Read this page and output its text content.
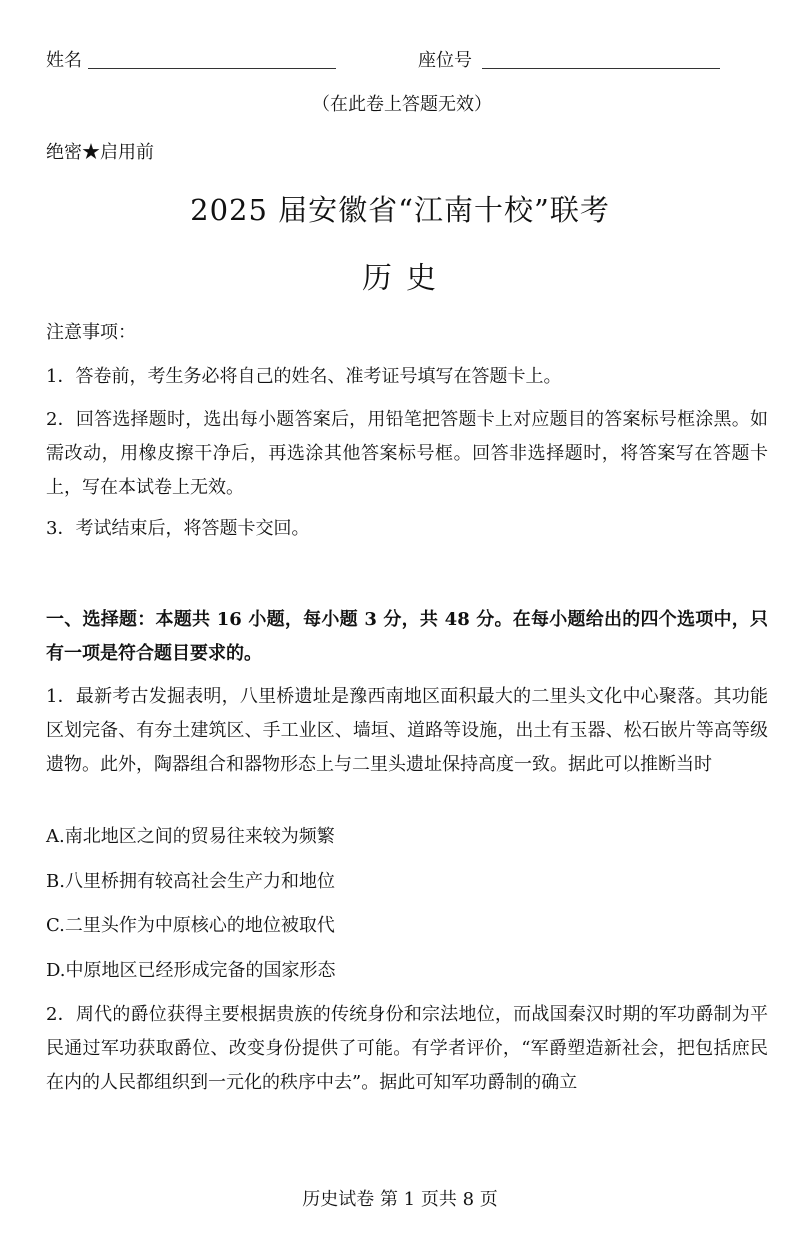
姓名	座位号
（在此卷上答题无效）
绝密★启用前
2025 届安徽省“江南十校”联考
历史
注意事项：
1．答卷前，考生务必将自己的姓名、准考证号填写在答题卡上。
2．回答选择题时，选出每小题答案后，用铅笔把答题卡上对应题目的答案标号框涂黑。如需改动，用橡皮擦干净后，再选涂其他答案标号框。回答非选择题时，将答案写在答题卡上，写在本试卷上无效。
3．考试结束后，将答题卡交回。
一、选择题：本题共 16 小题，每小题 3 分，共 48 分。在每小题给出的四个选项中，只有一项是符合题目要求的。
1．最新考古发掘表明，八里桥遗址是豫西南地区面积最大的二里头文化中心聚落。其功能区划完备、有夯土建筑区、手工业区、墙垣、道路等设施，出土有玉器、松石嵌片等高等级遗物。此外，陶器组合和器物形态上与二里头遗址保持高度一致。据此可以推断当时
A.南北地区之间的贸易往来较为频繁
B.八里桥拥有较高社会生产力和地位
C.二里头作为中原核心的地位被取代
D.中原地区已经形成完备的国家形态
2．周代的爵位获得主要根据贵族的传统身份和宗法地位，而战国秦汉时期的军功爵制为平民通过军功获取爵位、改变身份提供了可能。有学者评价，“军爵塑造新社会，把包括庶民在内的人民都组织到一元化的秩序中去”。据此可知军功爵制的确立
历史试卷 第 1 页共 8 页
